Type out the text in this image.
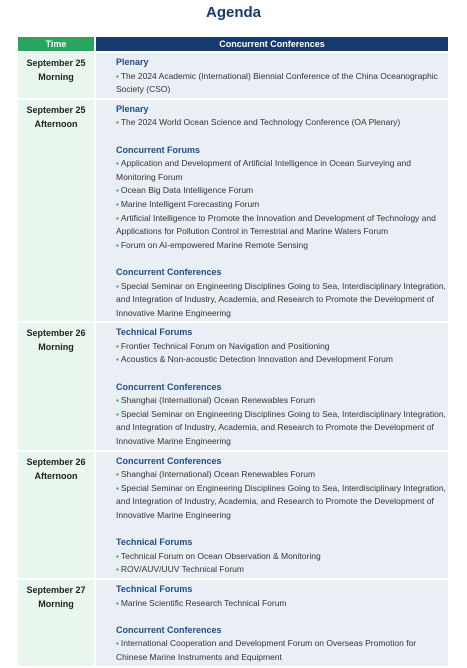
Agenda
Time	Concurrent Conferences
September 25
Morning
Plenary
▪ The 2024 Academic (International) Biennial Conference of the China Oceanographic Society (CSO)
September 25
Afternoon
Plenary
▪ The 2024 World Ocean Science and Technology Conference (OA Plenary)
Concurrent Forums
▪ Application and Development of Artificial Intelligence in Ocean Surveying and Monitoring Forum
▪ Ocean Big Data Intelligence Forum
▪ Marine Intelligent Forecasting Forum
▪ Artificial Intelligence to Promote the Innovation and Development of Technology and Applications for Pollution Control in Terrestrial and Marine Waters Forum
▪ Forum on AI-empowered Marine Remote Sensing
Concurrent Conferences
▪ Special Seminar on Engineering Disciplines Going to Sea, Interdisciplinary Integration, and Integration of Industry, Academia, and Research to Promote the Development of Innovative Marine Engineering
September 26
Morning
Technical Forums
▪ Frontier Technical Forum on Navigation and Positioning
▪ Acoustics & Non-acoustic Detection Innovation and Development Forum
Concurrent Conferences
▪ Shanghai (International) Ocean Renewables Forum
▪ Special Seminar on Engineering Disciplines Going to Sea, Interdisciplinary Integration, and Integration of Industry, Academia, and Research to Promote the Development of Innovative Marine Engineering
September 26
Afternoon
Concurrent Conferences
▪ Shanghai (International) Ocean Renewables Forum
▪ Special Seminar on Engineering Disciplines Going to Sea, Interdisciplinary Integration, and Integration of Industry, Academia, and Research to Promote the Development of Innovative Marine Engineering
Technical Forums
▪ Technical Forum on Ocean Observation & Monitoring
▪ ROV/AUV/UUV Technical Forum
September 27
Morning
Technical Forums
▪ Marine Scientific Research Technical Forum
Concurrent Conferences
▪ International Cooperation and Development Forum on Overseas Promotion for Chinese Marine Instruments and Equipment
